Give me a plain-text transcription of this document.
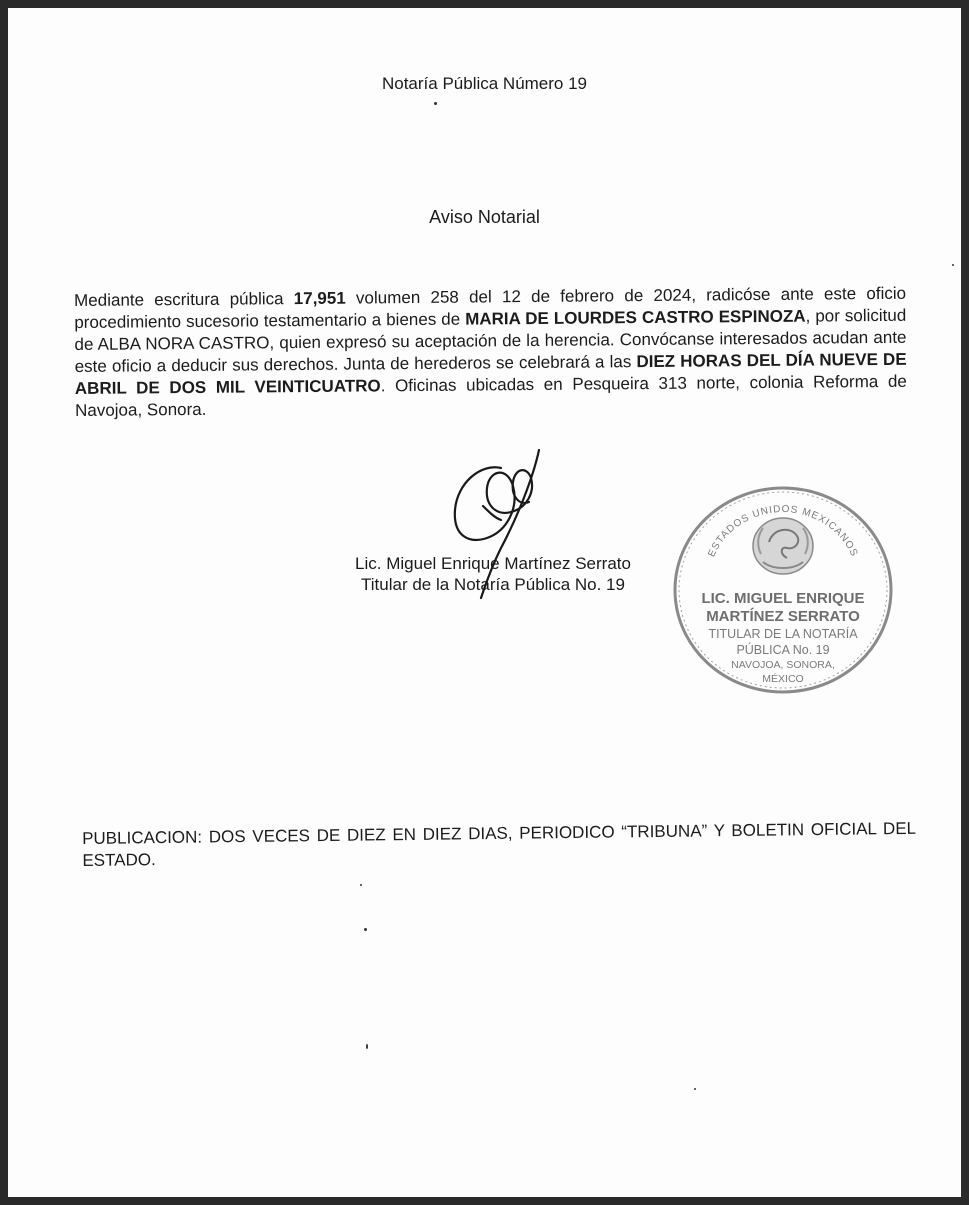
Notaría Pública Número 19
Aviso Notarial
Mediante escritura pública 17,951 volumen 258 del 12 de febrero de 2024, radicóse ante este oficio procedimiento sucesorio testamentario a bienes de MARIA DE LOURDES CASTRO ESPINOZA, por solicitud de ALBA NORA CASTRO, quien expresó su aceptación de la herencia. Convócanse interesados acudan ante este oficio a deducir sus derechos. Junta de herederos se celebrará a las DIEZ HORAS DEL DÍA NUEVE DE ABRIL DE DOS MIL VEINTICUATRO. Oficinas ubicadas en Pesqueira 313 norte, colonia Reforma de Navojoa, Sonora.
Lic. Miguel Enrique Martínez Serrato
Titular de la Notaría Pública No. 19
ESTADOS UNIDOS MEXICANOS
LIC. MIGUEL ENRIQUE
MARTÍNEZ SERRATO
TITULAR DE LA NOTARÍA
PÚBLICA No. 19
NAVOJOA, SONORA,
MÉXICO
PUBLICACION: DOS VECES DE DIEZ EN DIEZ DIAS, PERIODICO “TRIBUNA” Y BOLETIN OFICIAL DEL ESTADO.
